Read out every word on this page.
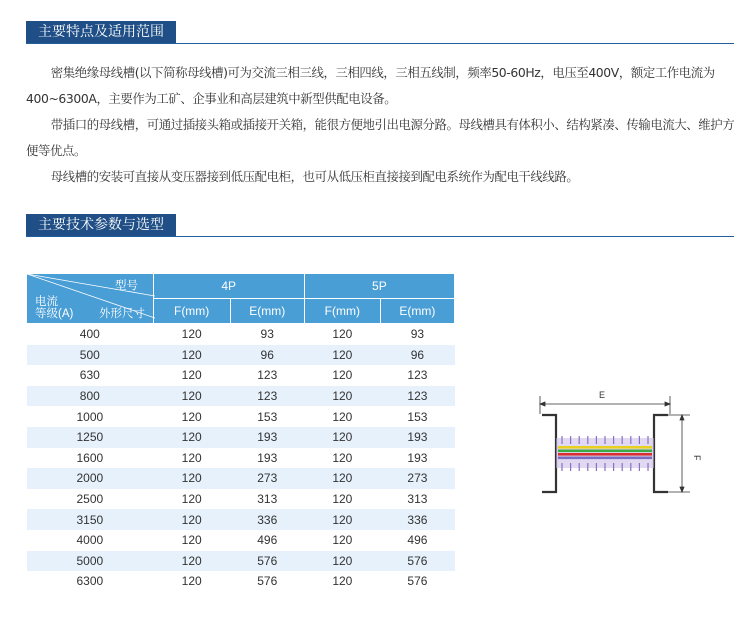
主要特点及适用范围

密集绝缘母线槽(以下简称母线槽)可为交流三相三线，三相四线，三相五线制，频率50-60Hz，电压至400V，额定工作电流为400~6300A，主要作为工矿、企事业和高层建筑中新型供配电设备。

带插口的母线槽，可通过插接头箱或插接开关箱，能很方便地引出电源分路。母线槽具有体积小、结构紧凑、传输电流大、维护方便等优点。

母线槽的安装可直接从变压器接到低压配电柜，也可从低压柜直接接到配电系统作为配电干线线路。

主要技术参数与选型
型号
电流
等级(A) 外形尺寸	4P		5P	
	F(mm)	E(mm)	F(mm)	E(mm)
400	120	93	120	93
500	120	96	120	96
630	120	123	120	123
800	120	123	120	123
1000	120	153	120	153
1250	120	193	120	193
1600	120	193	120	193
2000	120	273	120	273
2500	120	313	120	313
3150	120	336	120	336
4000	120	496	120	496
5000	120	576	120	576
6300	120	576	120	576
E
F
